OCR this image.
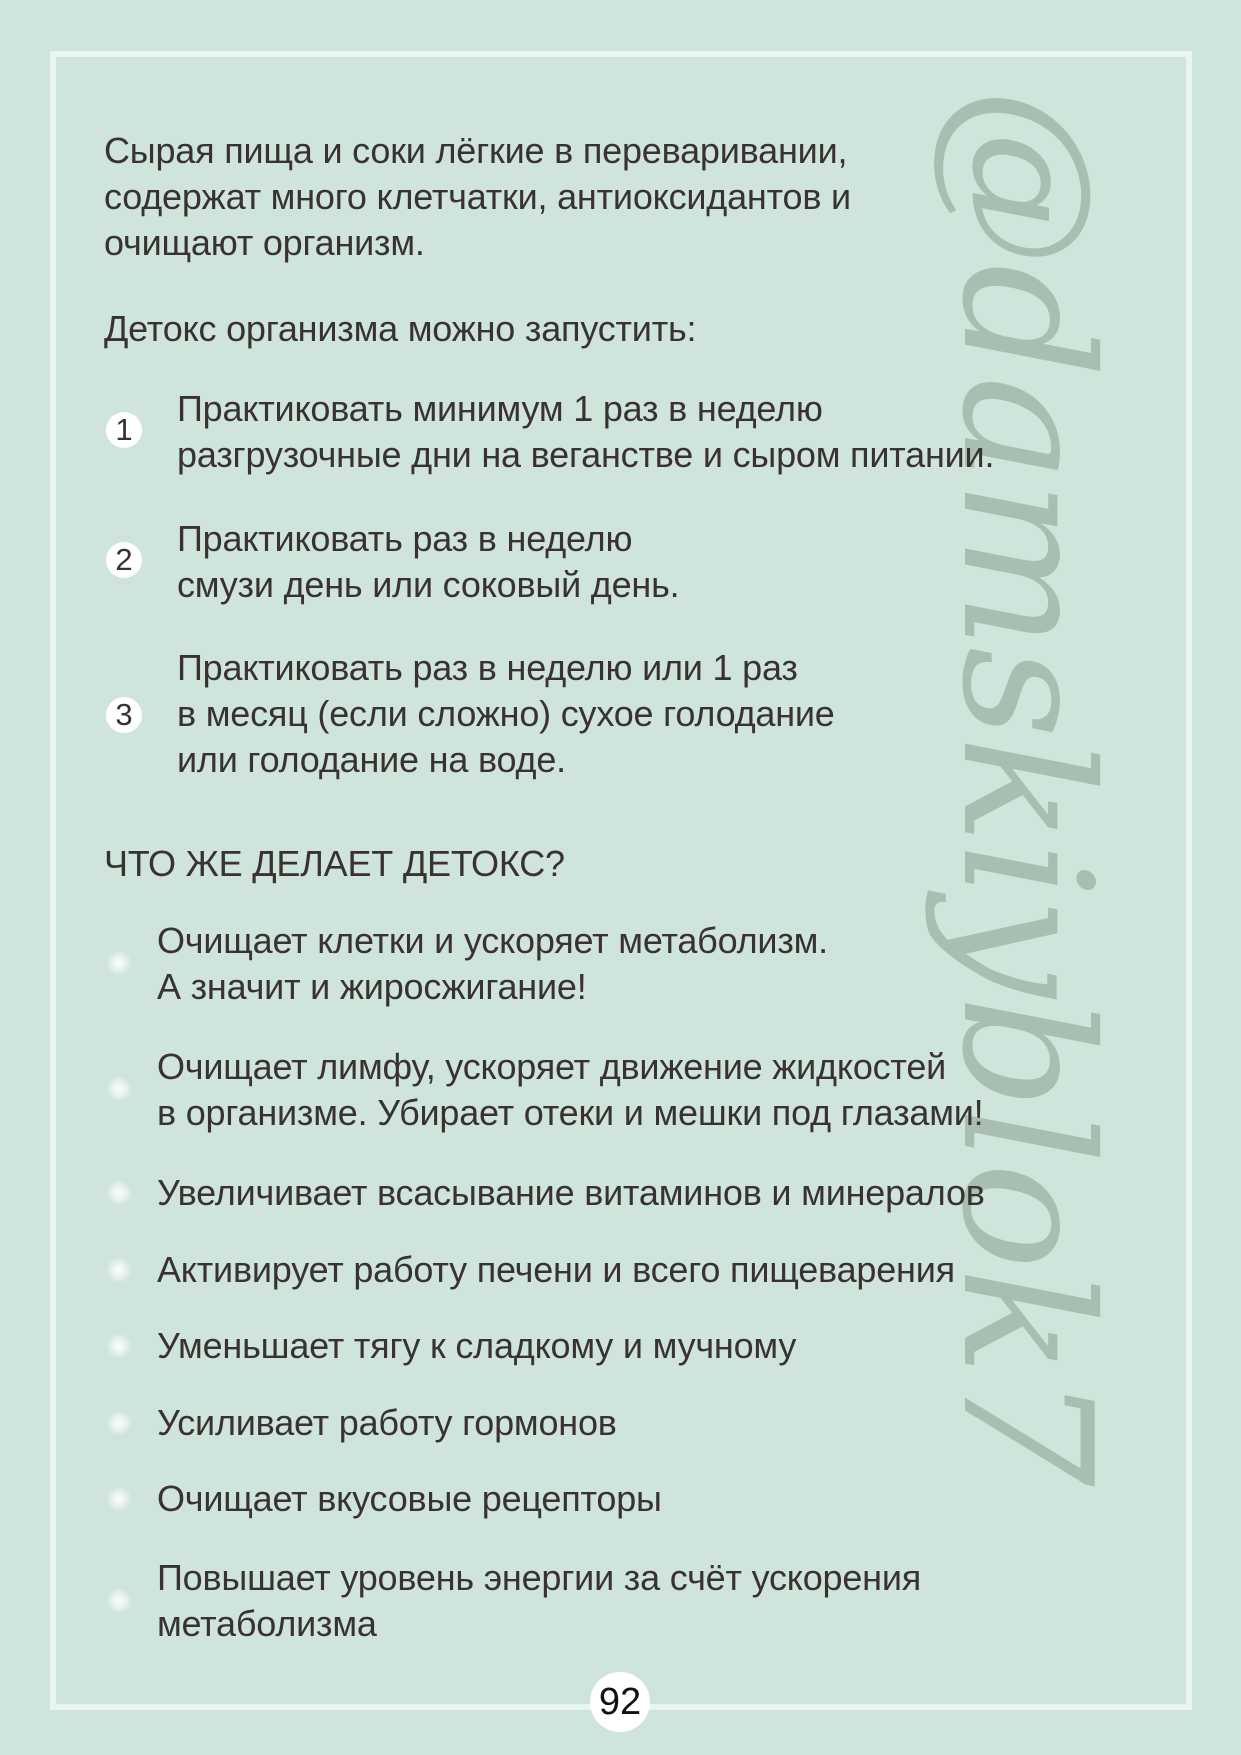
@damskiyblok7
Сырая пища и соки лёгкие в переваривании,
содержат много клетчатки, антиоксидантов и
очищают организм.
Детокс организма можно запустить:
1
Практиковать минимум 1 раз в неделю
разгрузочные дни на веганстве и сыром питании.
2
Практиковать раз в неделю
смузи день или соковый день.
3
Практиковать раз в неделю или 1 раз
в месяц (если сложно) сухое голодание
или голодание на воде.
ЧТО ЖЕ ДЕЛАЕТ ДЕТОКС?
Очищает клетки и ускоряет метаболизм.
А значит и жиросжигание!
Очищает лимфу, ускоряет движение жидкостей
в организме. Убирает отеки и мешки под глазами!
Увеличивает всасывание витаминов и минералов
Активирует работу печени и всего пищеварения
Уменьшает тягу к сладкому и мучному
Усиливает работу гормонов
Очищает вкусовые рецепторы
Повышает уровень энергии за счёт ускорения
метаболизма
92
